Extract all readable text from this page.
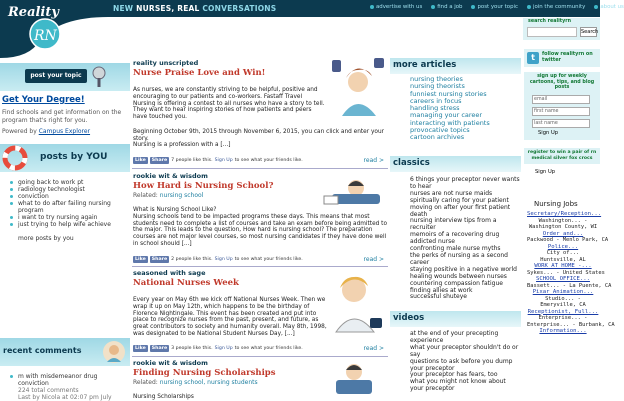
Reality
RN
NEW NURSES, REAL CONVERSATIONS	advertise with us	find a job	post your topic	join the community	about us
search realityrn
Search
post your topic
Get Your Degree!
Find schools and get information on the program that's right for you.
Powered by Campus Explorer
posts by YOU
going back to work pt
radiology technologist
conviction
what to do after failing nursing program
i want to try nursing again
just trying to help wife achieve
more posts by you
recent comments
m with misdemeanor drug conviction
224 total comments
Last by Nicola at 02:07 pm July
reality unscripted
Nurse Praise Love and Win!
As nurses, we are constantly striving to be helpful, positive and encouraging to our patients and co-workers. Fastaff Travel Nursing is offering a contest to all nurses who have a story to tell. They want to hear inspiring stories of how patients and peers have touched you.
Beginning October 9th, 2015 through November 6, 2015, you can click and enter your story.
Nursing is a profession with a [...]
Like	Share 7 people like this. Sign Up to see what your friends like.	read >
rookie wit & wisdom
How Hard is Nursing School?
Related: nursing school
What is Nursing School Like?
Nursing schools tend to be impacted programs these days. This means that most students need to complete a list of courses and take an exam before being admitted to the major. This leads to the question, How hard is nursing school? The preparation courses are not major level courses, so most nursing candidates if they have done well in school should [...]
Like	Share 2 people like this. Sign Up to see what your friends like.	read >
seasoned with sage
National Nurses Week
Every year on May 6th we kick off National Nurses Week. Then we wrap it up on May 12th, which happens to be the birthday of Florence Nightingale. This event has been created and put into place to recognize nurses from the past, present, and future, as great contributors to society and humanity overall. May 8th, 1998, was designated to be National Student Nurses Day, [...]
Like	Share 3 people like this. Sign Up to see what your friends like.	read >
rookie wit & wisdom
Finding Nursing Scholarships
Related: nursing school, nursing students
Nursing Scholarships
more articles
nursing theories
nursing theorists
funniest nursing stories
careers in focus
handling stress
managing your career
interacting with patients
provocative topics
cartoon archives
classics
6 things your preceptor never wants to hear
nurses are not nurse maids
spiritually caring for your patient
moving on after your first patient death
nursing interview tips from a recruiter
memoirs of a recovering drug addicted nurse
confronting male nurse myths
the perks of nursing as a second career
staying positive in a negative world
healing wounds between nurses
countering compassion fatigue
finding allies at work
successful shuteye
videos
at the end of your precepting experience
what your preceptor shouldn't do or say
questions to ask before you dump your preceptor
your preceptor has fears, too
what you might not know about your preceptor
t	follow realityrn on twitter
sign up for weekly cartoons, tips, and blog posts
email
first name
last name
Sign Up
register to win a pair of rn medical silver fox crocs
Sign Up
Nursing Jobs
Secretary/Reception...
Washington... -
Washington County, WI
Order and...
Packwood - Menlo Park, CA
Police...
City of...
Huntsville, AL
WORK AT HOME -...
Sykes... - United States
SCHOOL OFFICE...
Bassett... - La Puente, CA
Pixar Animation...
Studio... -
Emeryville, CA
Receptionist, Full...
Enterprise... -
Enterprise... - Burbank, CA
Information...
